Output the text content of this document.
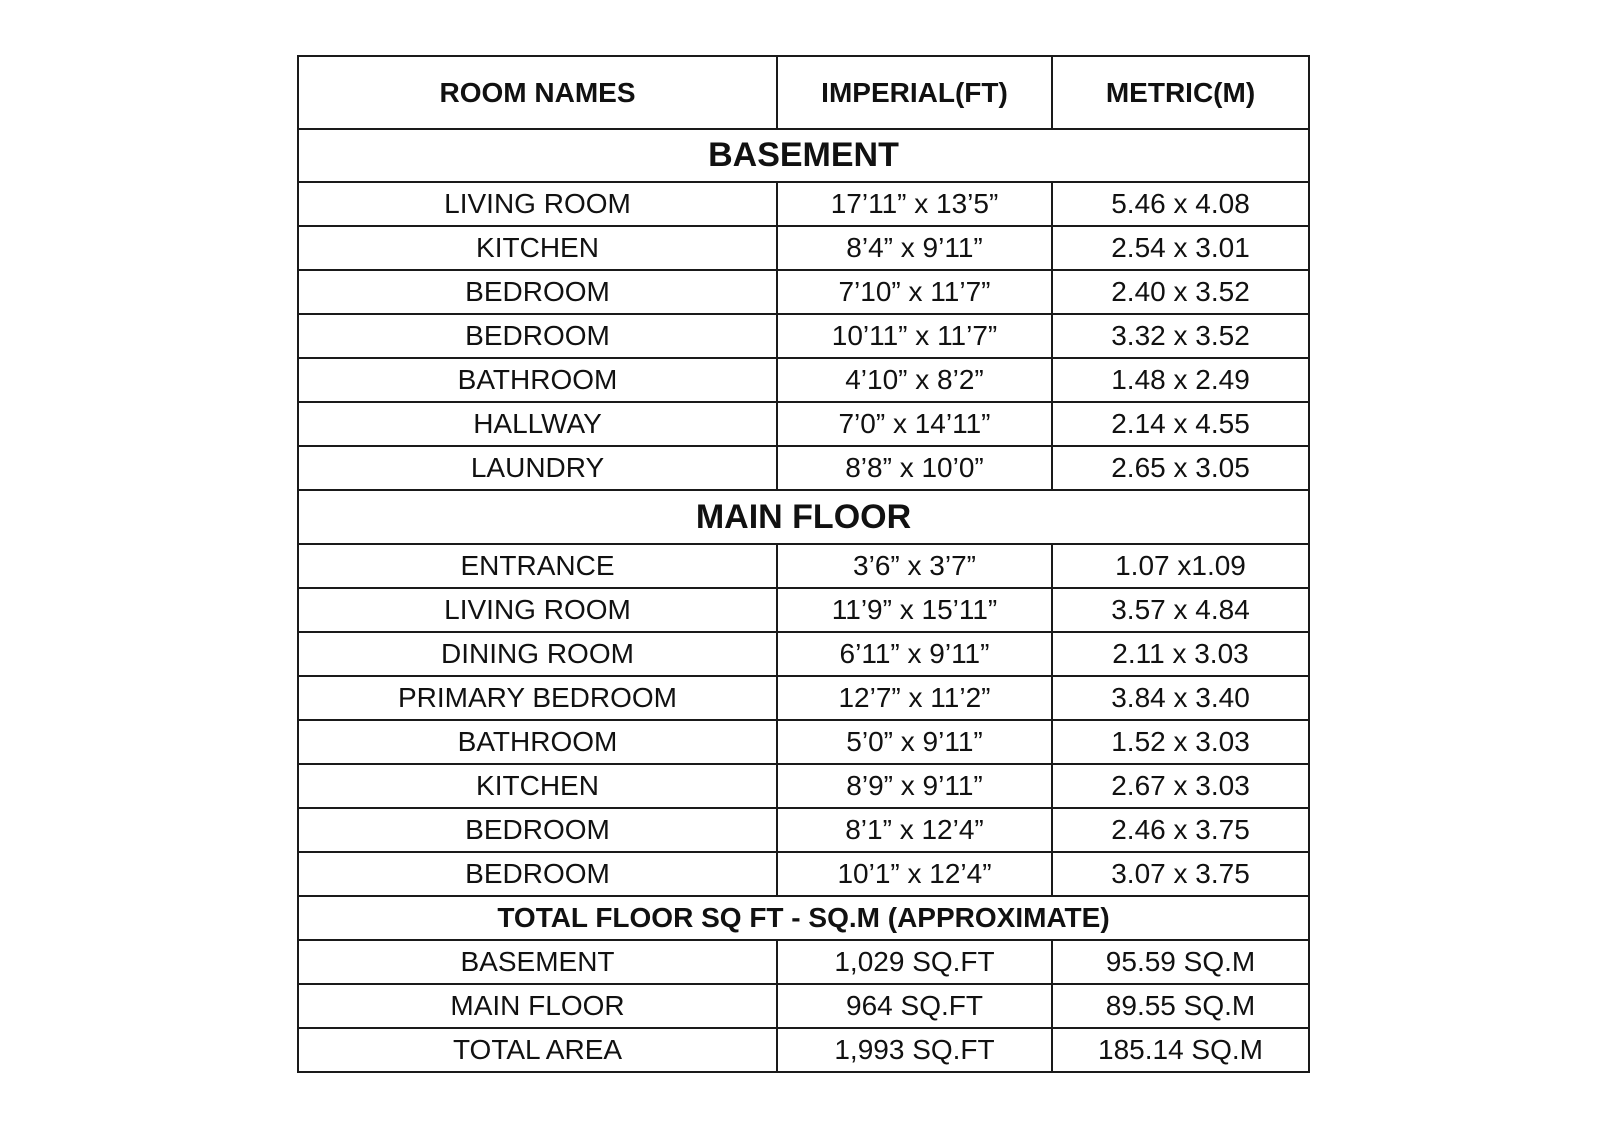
ROOM NAMES	IMPERIAL(FT)	METRIC(M)
BASEMENT		
LIVING ROOM	17’11” x 13’5”	5.46 x 4.08
KITCHEN	8’4” x 9’11”	2.54 x 3.01
BEDROOM	7’10” x 11’7”	2.40 x 3.52
BEDROOM	10’11” x 11’7”	3.32 x 3.52
BATHROOM	4’10” x 8’2”	1.48 x 2.49
HALLWAY	7’0” x 14’11”	2.14 x 4.55
LAUNDRY	8’8” x 10’0”	2.65 x 3.05
MAIN FLOOR		
ENTRANCE	3’6” x 3’7”	1.07 x1.09
LIVING ROOM	11’9” x 15’11”	3.57 x 4.84
DINING ROOM	6’11” x 9’11”	2.11 x 3.03
PRIMARY BEDROOM	12’7” x 11’2”	3.84 x 3.40
BATHROOM	5’0” x 9’11”	1.52 x 3.03
KITCHEN	8’9” x 9’11”	2.67 x 3.03
BEDROOM	8’1” x 12’4”	2.46 x 3.75
BEDROOM	10’1” x 12’4”	3.07 x 3.75
TOTAL FLOOR SQ FT - SQ.M (APPROXIMATE)		
BASEMENT	1,029 SQ.FT	95.59 SQ.M
MAIN FLOOR	964 SQ.FT	89.55 SQ.M
TOTAL AREA	1,993 SQ.FT	185.14 SQ.M
